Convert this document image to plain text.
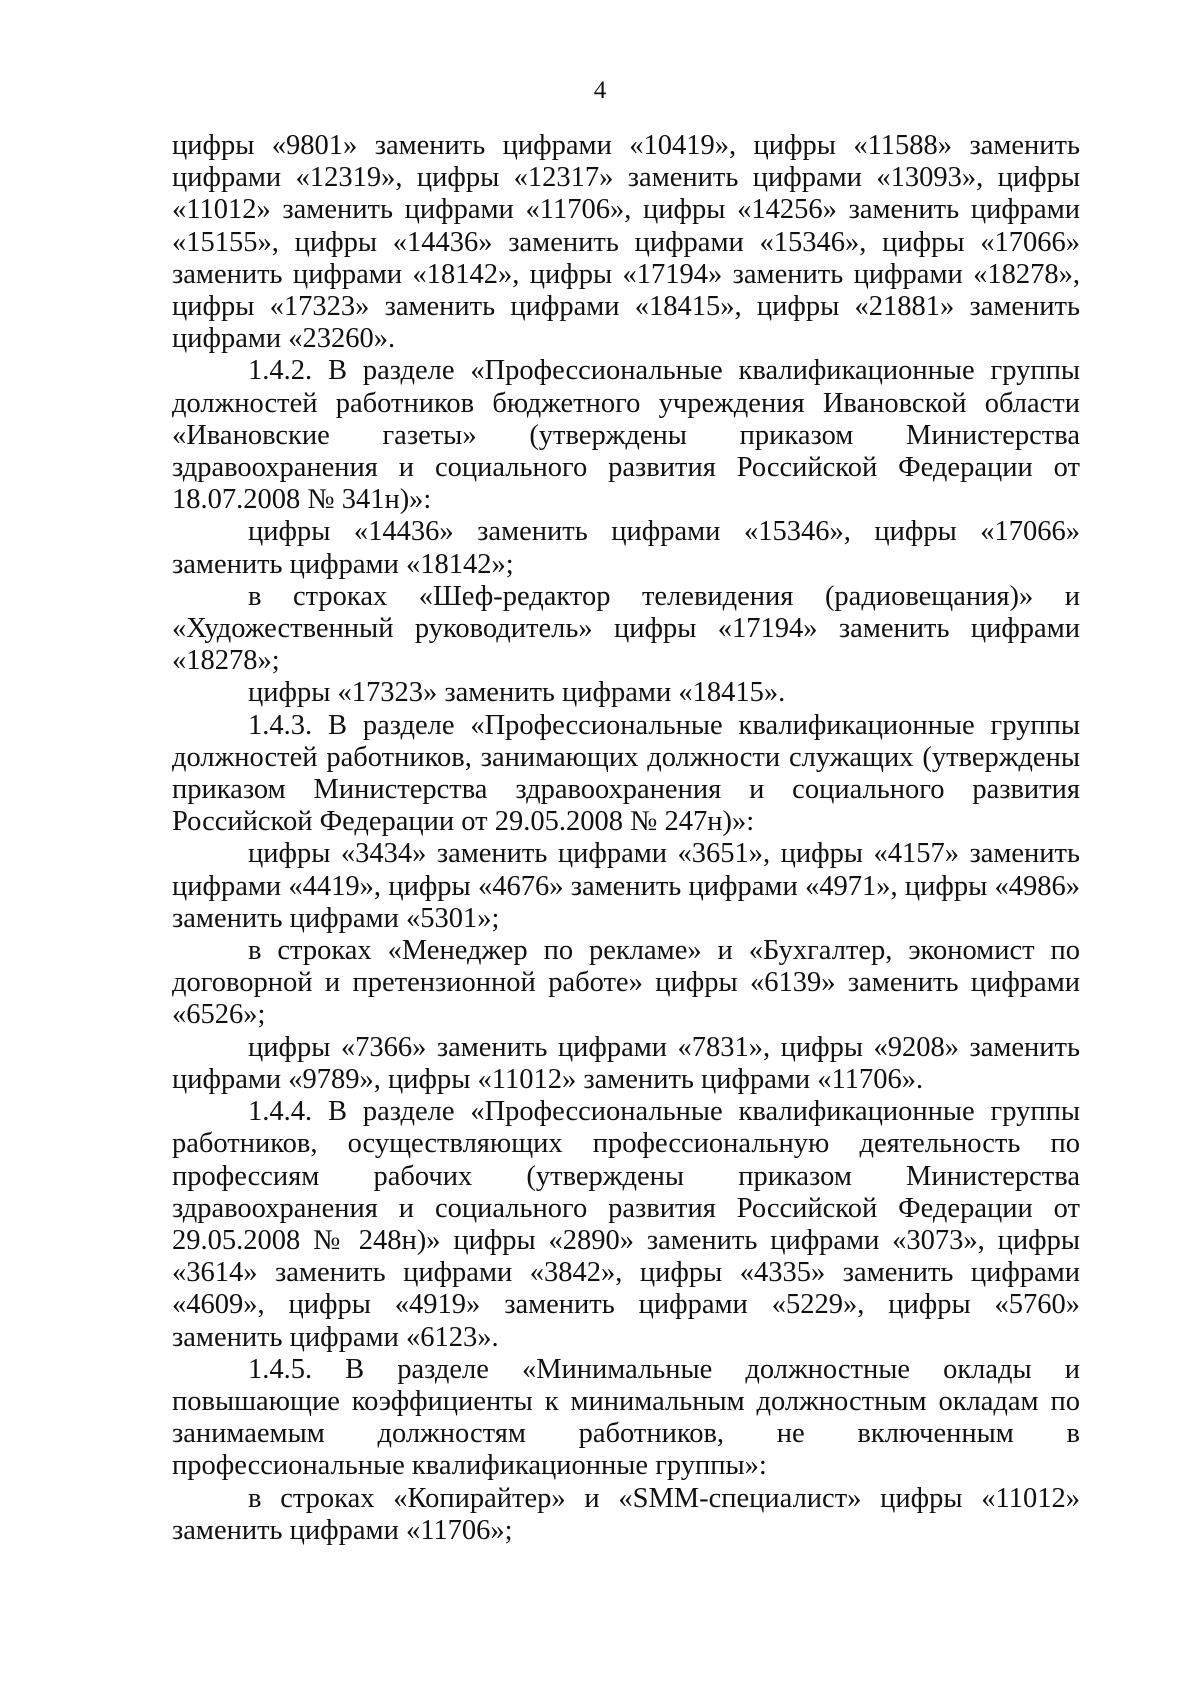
4

цифры «9801» заменить цифрами «10419», цифры «11588» заменить цифрами «12319», цифры «12317» заменить цифрами «13093», цифры «11012» заменить цифрами «11706», цифры «14256» заменить цифрами «15155», цифры «14436» заменить цифрами «15346», цифры «17066» заменить цифрами «18142», цифры «17194» заменить цифрами «18278», цифры «17323» заменить цифрами «18415», цифры «21881» заменить цифрами «23260».

1.4.2. В разделе «Профессиональные квалификационные группы должностей работников бюджетного учреждения Ивановской области «Ивановские газеты» (утверждены приказом Министерства здравоохранения и социального развития Российской Федерации от 18.07.2008 № 341н)»:

цифры «14436» заменить цифрами «15346», цифры «17066» заменить цифрами «18142»;

в строках «Шеф-редактор телевидения (радиовещания)» и «Художественный руководитель» цифры «17194» заменить цифрами «18278»;

цифры «17323» заменить цифрами «18415».

1.4.3. В разделе «Профессиональные квалификационные группы должностей работников, занимающих должности служащих (утверждены приказом Министерства здравоохранения и социального развития Российской Федерации от 29.05.2008 № 247н)»:

цифры «3434» заменить цифрами «3651», цифры «4157» заменить цифрами «4419», цифры «4676» заменить цифрами «4971», цифры «4986» заменить цифрами «5301»;

в строках «Менеджер по рекламе» и «Бухгалтер, экономист по договорной и претензионной работе» цифры «6139» заменить цифрами «6526»;

цифры «7366» заменить цифрами «7831», цифры «9208» заменить цифрами «9789», цифры «11012» заменить цифрами «11706».

1.4.4. В разделе «Профессиональные квалификационные группы работников, осуществляющих профессиональную деятельность по профессиям рабочих (утверждены приказом Министерства здравоохранения и социального развития Российской Федерации от 29.05.2008 № 248н)» цифры «2890» заменить цифрами «3073», цифры «3614» заменить цифрами «3842», цифры «4335» заменить цифрами «4609», цифры «4919» заменить цифрами «5229», цифры «5760» заменить цифрами «6123».

1.4.5. В разделе «Минимальные должностные оклады и повышающие коэффициенты к минимальным должностным окладам по занимаемым должностям работников, не включенным в профессиональные квалификационные группы»:

в строках «Копирайтер» и «SMM-специалист» цифры «11012» заменить цифрами «11706»;
